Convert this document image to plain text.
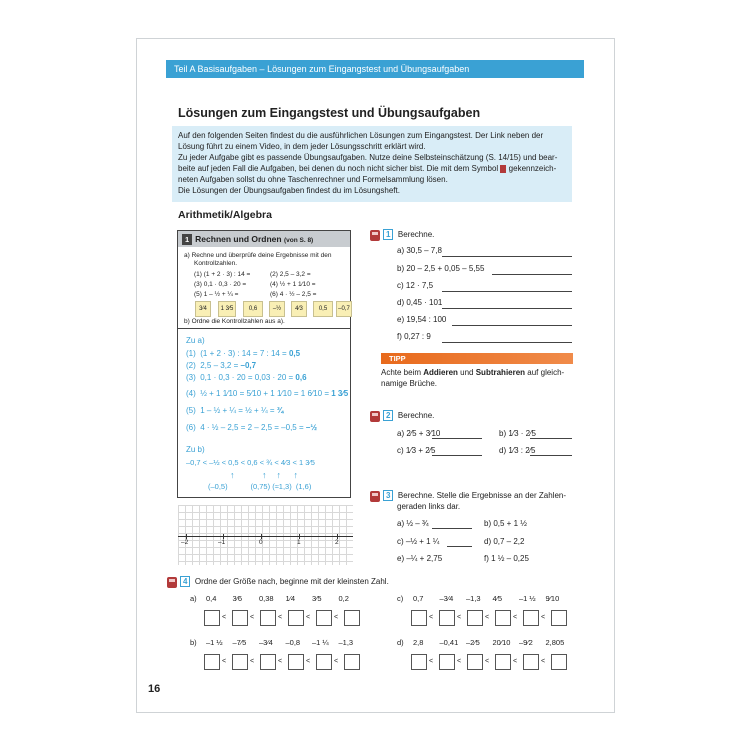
Teil A Basisaufgaben – Lösungen zum Eingangstest und Übungsaufgaben
Lösungen zum Eingangstest und Übungsaufgaben
Auf den folgenden Seiten findest du die ausführlichen Lösungen zum Eingangstest. Der Link neben der
Lösung führt zu einem Video, in dem jeder Lösungsschritt erklärt wird.
Zu jeder Aufgabe gibt es passende Übungsaufgaben. Nutze deine Selbsteinschätzung (S. 14/15) und bear-
beite auf jeden Fall die Aufgaben, bei denen du noch nicht sicher bist. Die mit dem Symbol gekennzeich-
neten Aufgaben sollst du ohne Taschenrechner und Formelsammlung lösen.
Die Lösungen der Übungsaufgaben findest du im Lösungsheft.
Arithmetik/Algebra
1 Rechnen und Ordnen (von S. 8)
a) Rechne und überprüfe deine Ergebnisse mit den
Kontrollzahlen.
(1) (1 + 2 · 3) : 14 =	(2) 2,5 – 3,2 =
(3) 0,1 · 0,3 · 20 =	(4) ½ + 1 1⁄10 =
(5) 1 – ½ + ¼ =	(6) 4 · ½ – 2,5 =
3⁄4	1 3⁄5	0,6	–½	4⁄3	0,5	–0,7
b) Ordne die Kontrollzahlen aus a).
Zu a)
(1) (1 + 2 · 3) : 14 = 7 : 14 = 0,5
(2) 2,5 – 3,2 = –0,7
(3) 0,1 · 0,3 · 20 = 0,03 · 20 = 0,6
(4) ½ + 1 1⁄10 = 5⁄10 + 1 1⁄10 = 1 6⁄10 = 1 3⁄5
(5) 1 – ½ + ¼ = ½ + ¼ = ¾
(6) 4 · ½ – 2,5 = 2 – 2,5 = –0,5 = –½
Zu b)
–0,7 < –½ < 0,5 < 0,6 < ¾ < 4⁄3 < 1 3⁄5
↑           ↑    ↑     ↑
(–0,5)           (0,75) (≈1,3)  (1,6)
–2	–1	0	1	2
1 Berechne.
a) 30,5 – 7,8
b) 20 – 2,5 + 0,05 – 5,55
c) 12 · 7,5
d) 0,45 · 101
e) 19,54 : 100
f) 0,27 : 9
TIPP
Achte beim Addieren und Subtrahieren auf gleich-
namige Brüche.
2 Berechne.
a) 2⁄5 + 3⁄10	b) 1⁄3 · 2⁄5
c) 1⁄3 + 2⁄5	d) 1⁄3 : 2⁄5
3 Berechne. Stelle die Ergebnisse an der Zahlen-
geraden links dar.
a) ½ – ¾	b) 0,5 + 1 ½
c) –½ + 1 ¼	d) 0,7 – 2,2
e) –¼ + 2,75	f) 1 ½ – 0,25
4 Ordne der Größe nach, beginne mit der kleinsten Zahl.
a) 0,4
<
3⁄6
<
0,38
<
1⁄4
<
3⁄5
<
0,2
b) –1 ½
<
–7⁄5
<
–3⁄4
<
–0,8
<
–1 ¼
<
–1,3
c) 0,7
<
–3⁄4
<
–1,3
<
4⁄5
<
–1 ½
<
9⁄10
d) 2,8
<
–0,41
<
–2⁄5
<
20⁄10
<
–9⁄2
<
2,805
16
